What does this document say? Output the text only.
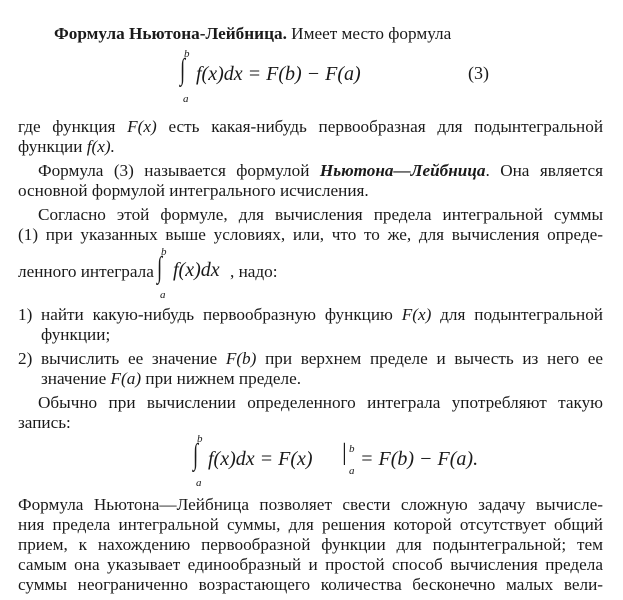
Формула Ньютона-Лейбница. Имеет место формула
∫
b
a
f(x)dx = F(b) − F(a)	(3)
где функция F(x) есть какая-нибудь первообразная для подынтегральной
функции f(x).
Формула (3) называется формулой Ньютона—Лейбница. Она является
основной формулой интегрального исчисления.
Согласно этой формуле, для вычисления предела интегральной суммы
(1) при указанных выше условиях, или, что то же, для вычисления опреде-
ленного интеграла ∫
b
a
f(x)dx , надо:
1) найти какую-нибудь первообразную функцию F(x) для подынтегральной
функции;
2) вычислить ее значение F(b) при верхнем пределе и вычесть из него ее
значение F(a) при нижнем пределе.
Обычно при вычислении определенного интеграла употребляют такую
запись:
∫
b
a
f(x)dx = F(x) | b
a
= F(b) − F(a).
Формула Ньютона—Лейбница позволяет свести сложную задачу вычисле-
ния предела интегральной суммы, для решения которой отсутствует общий
прием, к нахождению первообразной функции для подынтегральной; тем
самым она указывает единообразный и простой способ вычисления предела
суммы неограниченно возрастающего количества бесконечно малых вели-
